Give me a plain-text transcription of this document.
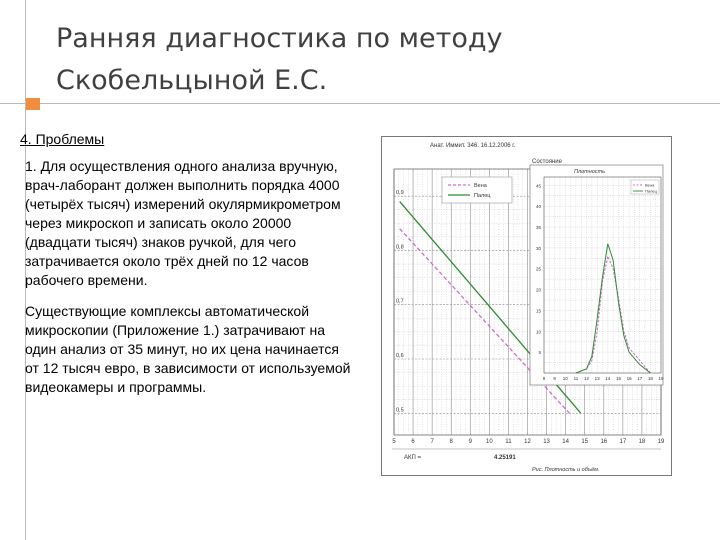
Ранняя диагностика по методу
Скобельцыной Е.С.

4. Проблемы

1. Для осуществления одного анализа вручную, врач-лаборант должен выполнить порядка 4000 (четырёх тысяч) измерений окулярмикрометром через микроскоп и записать около 20000 (двадцати тысяч) знаков ручкой, для чего затрачивается около трёх дней по 12 часов рабочего времени.

Существующие комплексы автоматической микроскопии (Приложение 1.) затрачивают на один анализ от 35 минут, но их цена начинается от 12 тысяч евро, в зависимости от используемой видеокамеры и программы.

Анат. Иммит. 346. 16.12.2006 г.
Состояние
5	6	7	8	9 10 11 12 13 14 15 16 17 18 19
0,9
0,8
0,7
0,6
0,5
Вена
Палец
Плотность
5
10
15
20
25
30
35
40
45
8 9 10 11 12 13 14 15 16 17 18 19
Вена
Палец
АКП =	4.25191
Рис. Плотность и объём.
